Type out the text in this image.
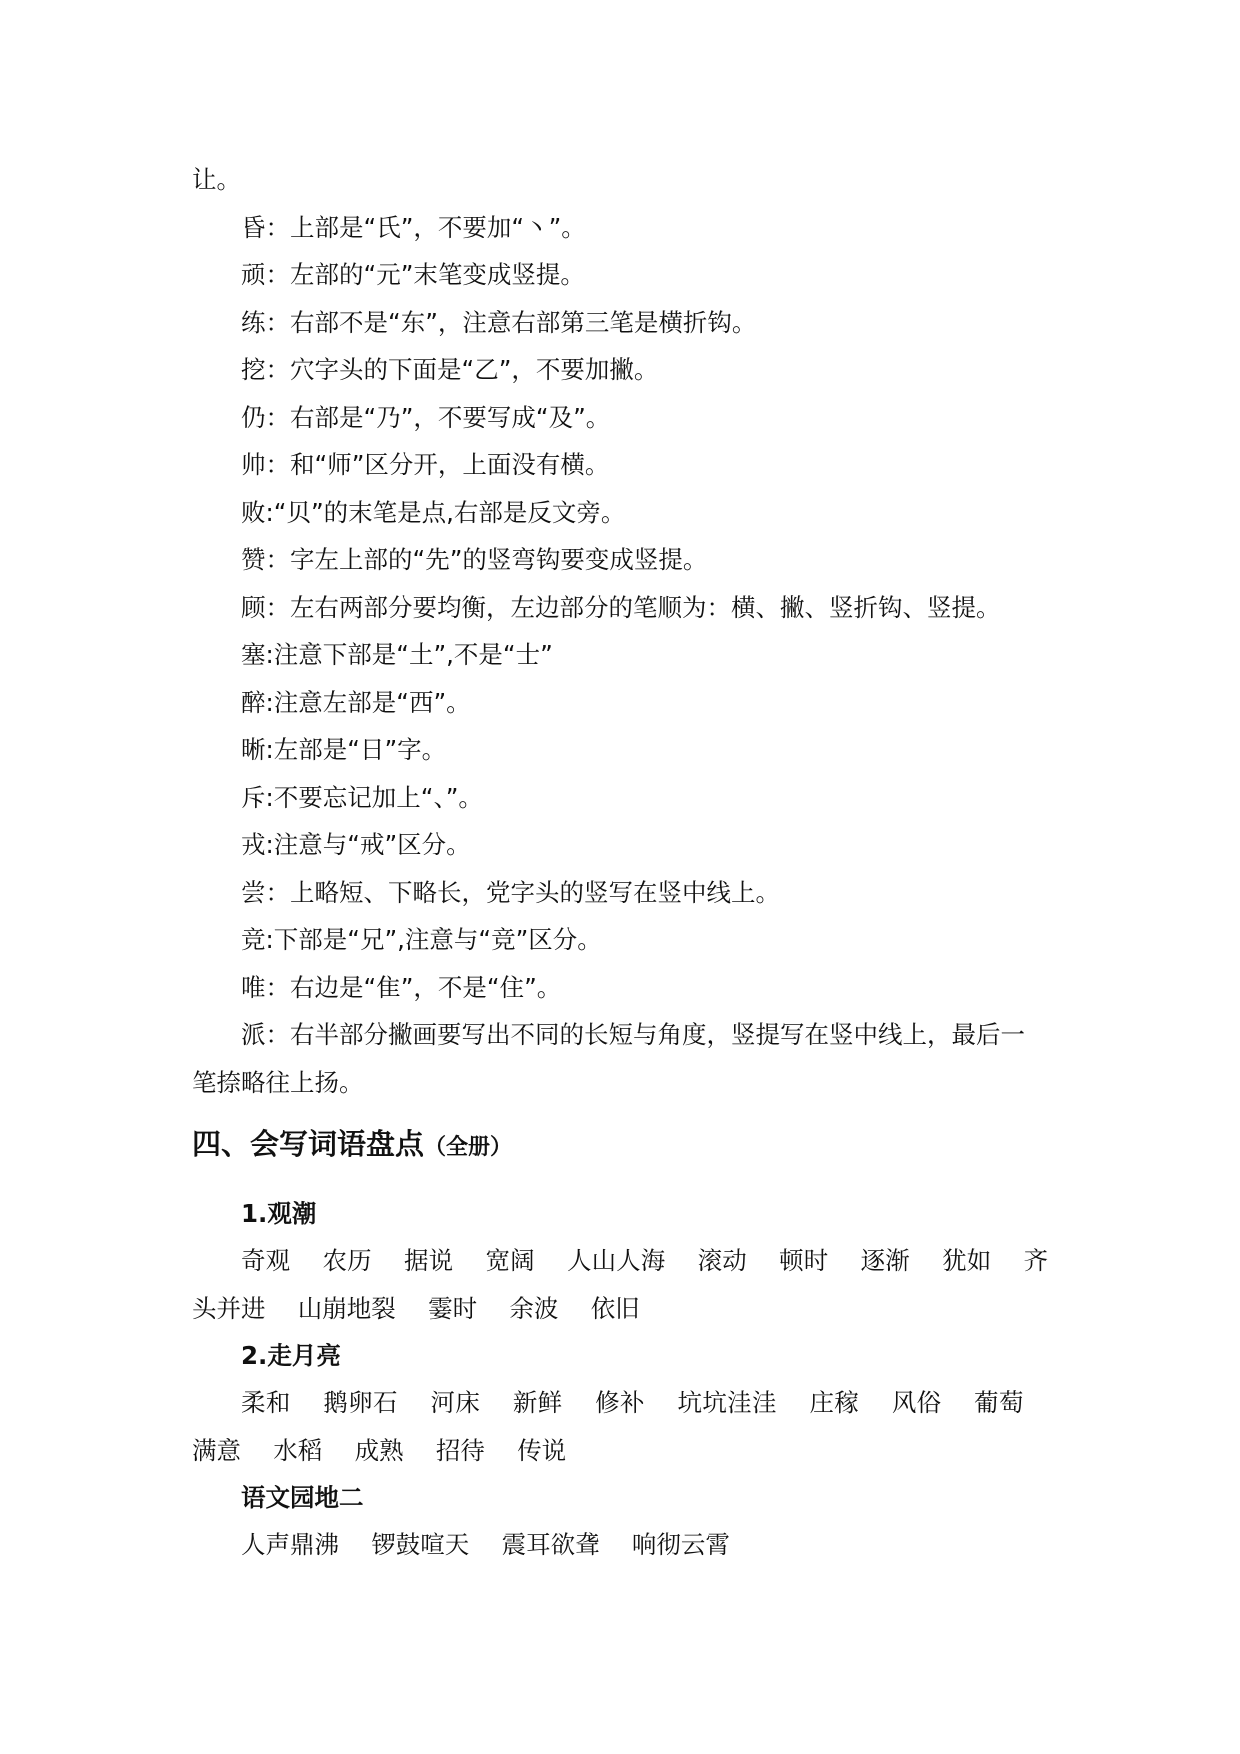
让。

昏：上部是“氏”，不要加“丶”。

顽：左部的“元”末笔变成竖提。

练：右部不是“东”，注意右部第三笔是横折钩。

挖：穴字头的下面是“乙”，不要加撇。

仍：右部是“乃”，不要写成“及”。

帅：和“师”区分开，上面没有横。

败:“贝”的末笔是点,右部是反文旁。

赞：字左上部的“先”的竖弯钩要变成竖提。

顾：左右两部分要均衡，左边部分的笔顺为：横、撇、竖折钩、竖提。

塞:注意下部是“土”,不是“士”

醉:注意左部是“西”。

晰:左部是“日”字。

斥:不要忘记加上“、”。

戎:注意与“戒”区分。

尝：上略短、下略长，党字头的竖写在竖中线上。

竞:下部是“兄”,注意与“竞”区分。

唯：右边是“隹”，不是“住”。

派：右半部分撇画要写出不同的长短与角度，竖提写在竖中线上，最后一笔捺略往上扬。

四、会写词语盘点（全册）
1.观潮

奇观 农历 据说 宽阔 人山人海 滚动 顿时 逐渐 犹如 齐头并进 山崩地裂 霎时 余波 依旧

2.走月亮

柔和 鹅卵石 河床 新鲜 修补 坑坑洼洼 庄稼 风俗 葡萄 满意 水稻 成熟 招待 传说

语文园地二

人声鼎沸 锣鼓喧天 震耳欲聋 响彻云霄
